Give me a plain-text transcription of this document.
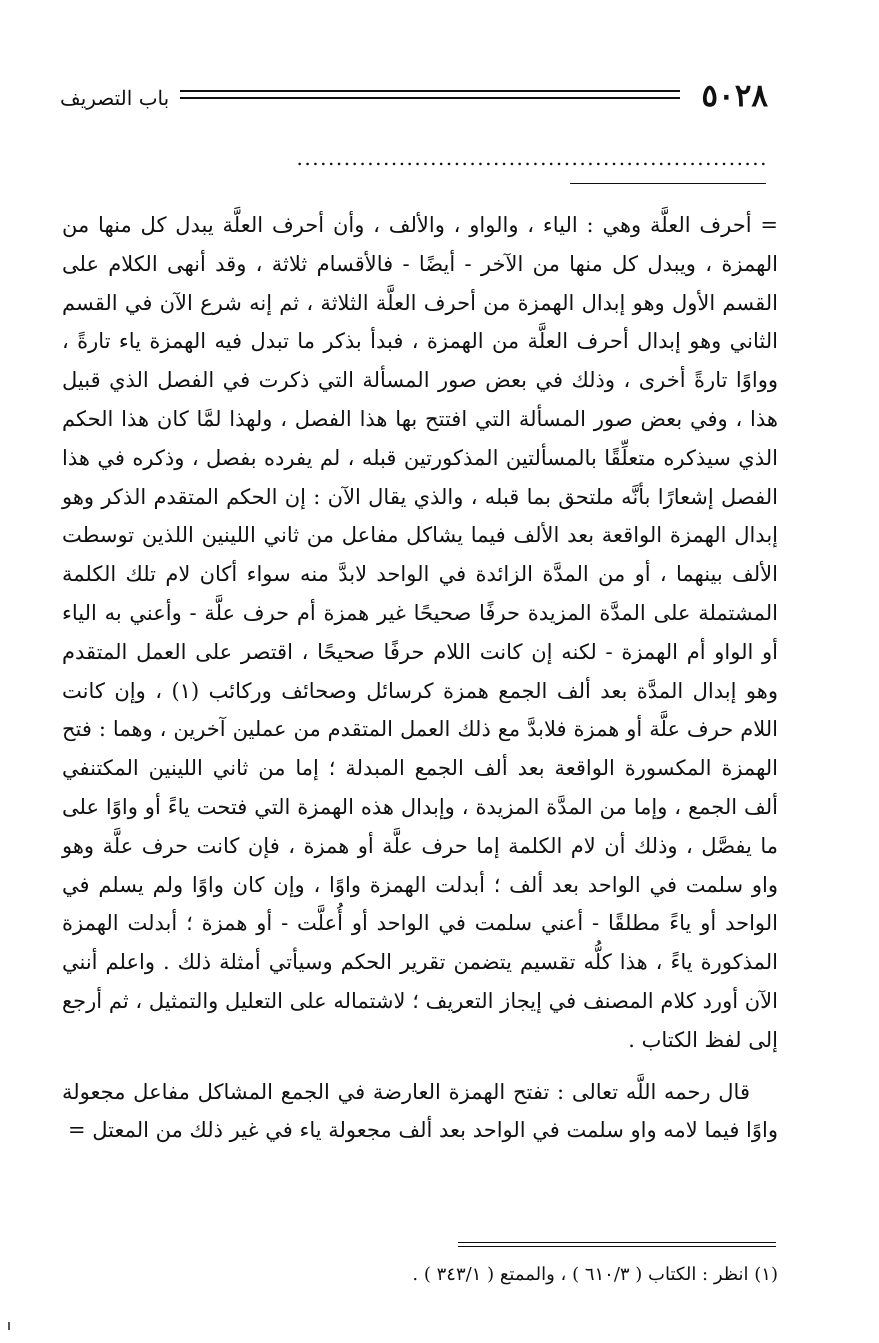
٥٠٢٨
باب التصريف
............................................................

= أحرف العلَّة وهي : الياء ، والواو ، والألف ، وأن أحرف العلَّة يبدل كل منها من الهمزة ، ويبدل كل منها من الآخر - أيضًا - فالأقسام ثلاثة ، وقد أنهى الكلام على القسم الأول وهو إبدال الهمزة من أحرف العلَّة الثلاثة ، ثم إنه شرع الآن في القسم الثاني وهو إبدال أحرف العلَّة من الهمزة ، فبدأ بذكر ما تبدل فيه الهمزة ياء تارةً ، وواوًا تارةً أخرى ، وذلك في بعض صور المسألة التي ذكرت في الفصل الذي قبيل هذا ، وفي بعض صور المسألة التي افتتح بها هذا الفصل ، ولهذا لمَّا كان هذا الحكم الذي سيذكره متعلِّقًا بالمسألتين المذكورتين قبله ، لم يفرده بفصل ، وذكره في هذا الفصل إشعارًا بأنَّه ملتحق بما قبله ، والذي يقال الآن : إن الحكم المتقدم الذكر وهو إبدال الهمزة الواقعة بعد الألف فيما يشاكل مفاعل من ثاني اللينين اللذين توسطت الألف بينهما ، أو من المدَّة الزائدة في الواحد لابدَّ منه سواء أكان لام تلك الكلمة المشتملة على المدَّة المزيدة حرفًا صحيحًا غير همزة أم حرف علَّة - وأعني به الياء أو الواو أم الهمزة - لكنه إن كانت اللام حرفًا صحيحًا ، اقتصر على العمل المتقدم وهو إبدال المدَّة بعد ألف الجمع همزة كرسائل وصحائف وركائب (١) ، وإن كانت اللام حرف علَّة أو همزة فلابدَّ مع ذلك العمل المتقدم من عملين آخرين ، وهما : فتح الهمزة المكسورة الواقعة بعد ألف الجمع المبدلة ؛ إما من ثاني اللينين المكتنفي ألف الجمع ، وإما من المدَّة المزيدة ، وإبدال هذه الهمزة التي فتحت ياءً أو واوًا على ما يفصَّل ، وذلك أن لام الكلمة إما حرف علَّة أو همزة ، فإن كانت حرف علَّة وهو واو سلمت في الواحد بعد ألف ؛ أبدلت الهمزة واوًا ، وإن كان واوًا ولم يسلم في الواحد أو ياءً مطلقًا - أعني سلمت في الواحد أو أُعلَّت - أو همزة ؛ أبدلت الهمزة المذكورة ياءً ، هذا كلُّه تقسيم يتضمن تقرير الحكم وسيأتي أمثلة ذلك . واعلم أنني الآن أورد كلام المصنف في إيجاز التعريف ؛ لاشتماله على التعليل والتمثيل ، ثم أرجع إلى لفظ الكتاب .

قال رحمه اللَّه تعالى : تفتح الهمزة العارضة في الجمع المشاكل مفاعل مجعولة واوًا فيما لامه واو سلمت في الواحد بعد ألف مجعولة ياء في غير ذلك من المعتل =

(١) انظر : الكتاب ( ٦١٠/٣ ) ، والممتع ( ٣٤٣/١ ) .
